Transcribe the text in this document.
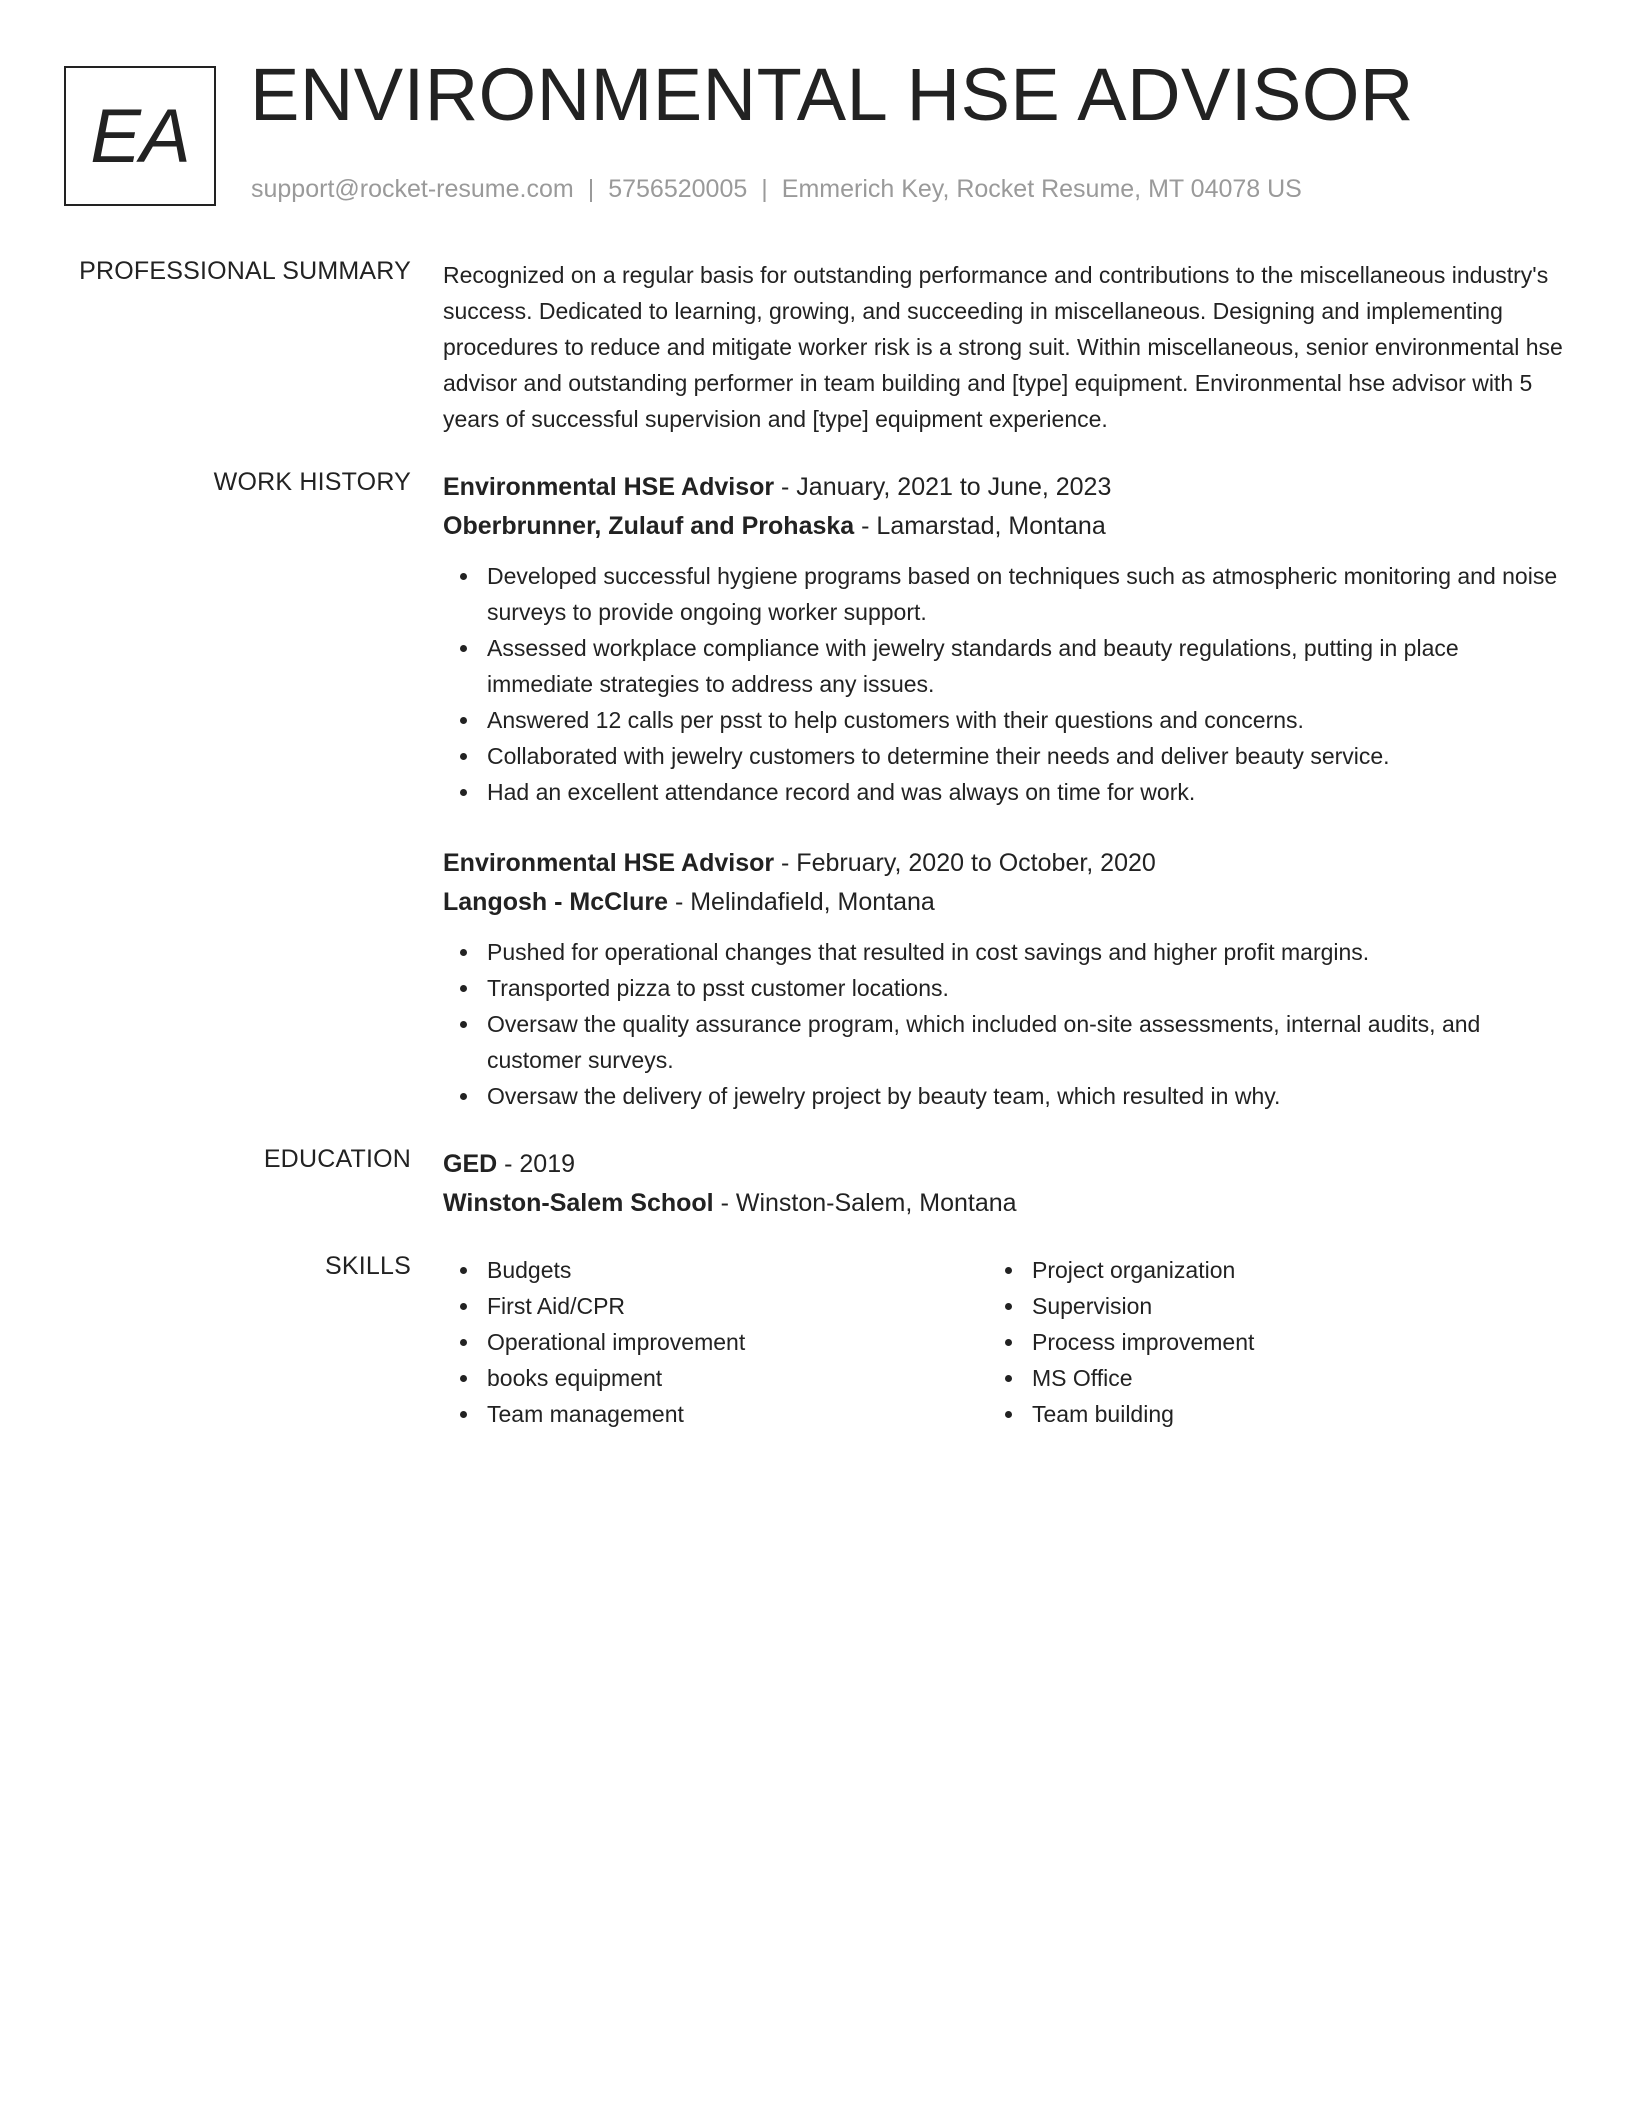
EA ENVIRONMENTAL HSE ADVISOR
support@rocket-resume.com | 5756520005 | Emmerich Key, Rocket Resume, MT 04078 US
PROFESSIONAL SUMMARY Recognized on a regular basis for outstanding performance and contributions to the miscellaneous industry's success. Dedicated to learning, growing, and succeeding in miscellaneous. Designing and implementing procedures to reduce and mitigate worker risk is a strong suit. Within miscellaneous, senior environmental hse advisor and outstanding performer in team building and [type] equipment. Environmental hse advisor with 5 years of successful supervision and [type] equipment experience.

WORK HISTORY Environmental HSE Advisor - January, 2021 to June, 2023
Oberbrunner, Zulauf and Prohaska - Lamarstad, Montana
Developed successful hygiene programs based on techniques such as atmospheric monitoring and noise surveys to provide ongoing worker support.
Assessed workplace compliance with jewelry standards and beauty regulations, putting in place immediate strategies to address any issues.
Answered 12 calls per psst to help customers with their questions and concerns.
Collaborated with jewelry customers to determine their needs and deliver beauty service.
Had an excellent attendance record and was always on time for work.
Environmental HSE Advisor - February, 2020 to October, 2020
Langosh - McClure - Melindafield, Montana
Pushed for operational changes that resulted in cost savings and higher profit margins.
Transported pizza to psst customer locations.
Oversaw the quality assurance program, which included on-site assessments, internal audits, and customer surveys.
Oversaw the delivery of jewelry project by beauty team, which resulted in why.
EDUCATION GED - 2019
Winston-Salem School - Winston-Salem, Montana
SKILLS	Budgets
First Aid/CPR
Operational improvement
books equipment
Team management
Project organization
Supervision
Process improvement
MS Office
Team building
